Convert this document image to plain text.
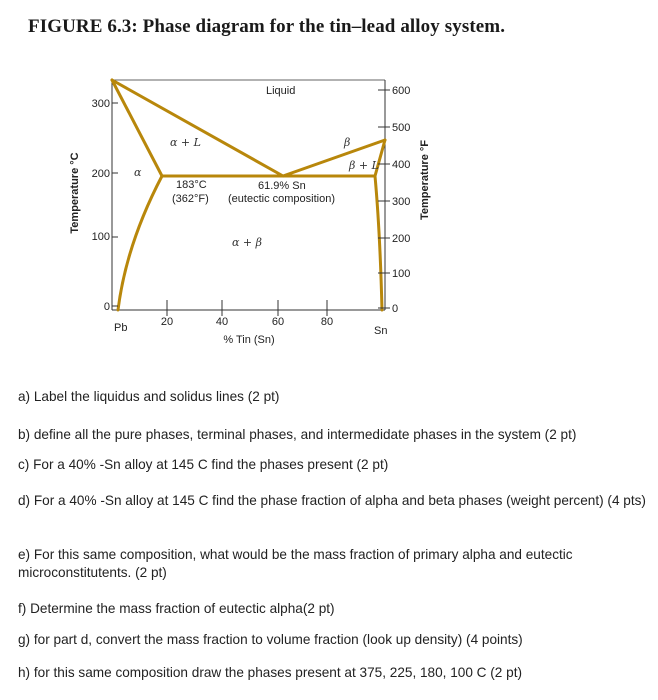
FIGURE 6.3: Phase diagram for the tin–lead alloy system.
300
200
100
0
600
500
400
300
200
100
0
20	40	60	80
Pb	Sn
% Tin (Sn)
Temperature °C	Temperature °F
Liquid
α + L
α
β
β + L
α + β
183°C
(362°F)
61.9% Sn
(eutectic composition)

a) Label the liquidus and solidus lines (2 pt)

b) define all the pure phases, terminal phases, and intermedidate phases in the system (2 pt)

c) For a 40% -Sn alloy at 145 C find the phases present (2 pt)

d) For a 40% -Sn alloy at 145 C find the phase fraction of alpha and beta phases (weight percent) (4 pts)

e) For this same composition, what would be the mass fraction of primary alpha and eutectic microconstitutents. (2 pt)

f) Determine the mass fraction of eutectic alpha(2 pt)

g) for part d, convert the mass fraction to volume fraction (look up density) (4 points)

h) for this same composition draw the phases present at 375, 225, 180, 100 C (2 pt)
